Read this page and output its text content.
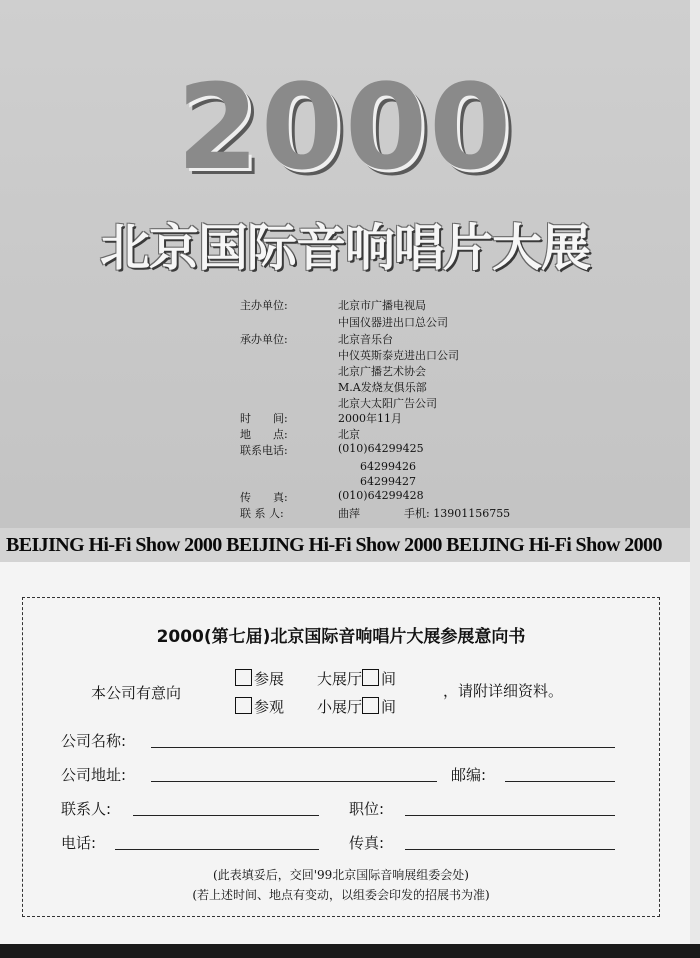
2000
北京国际音响唱片大展
主办单位:	北京市广播电视局
中国仪器进出口总公司
承办单位:	北京音乐台
中仪英斯泰克进出口公司
北京广播艺术协会
M.A发烧友俱乐部
北京大太阳广告公司
时　　间:	2000年11月
地　　点:	北京
联系电话:	(010)64299425
　　64299426
　　64299427
传　　真:	(010)64299428
联 系 人:	曲萍　　　　手机: 13901156755
BEIJING Hi-Fi Show 2000 BEIJING Hi-Fi Show 2000 BEIJING Hi-Fi Show 2000
2000(第七届)北京国际音响唱片大展参展意向书
本公司有意向
参展 大展厅 间
参观 小展厅 间
，请附详细资料。
公司名称:
公司地址:	邮编:
联系人:	职位:
电话:	传真:
(此表填妥后，交回'99北京国际音响展组委会处)
(若上述时间、地点有变动，以组委会印发的招展书为准)
